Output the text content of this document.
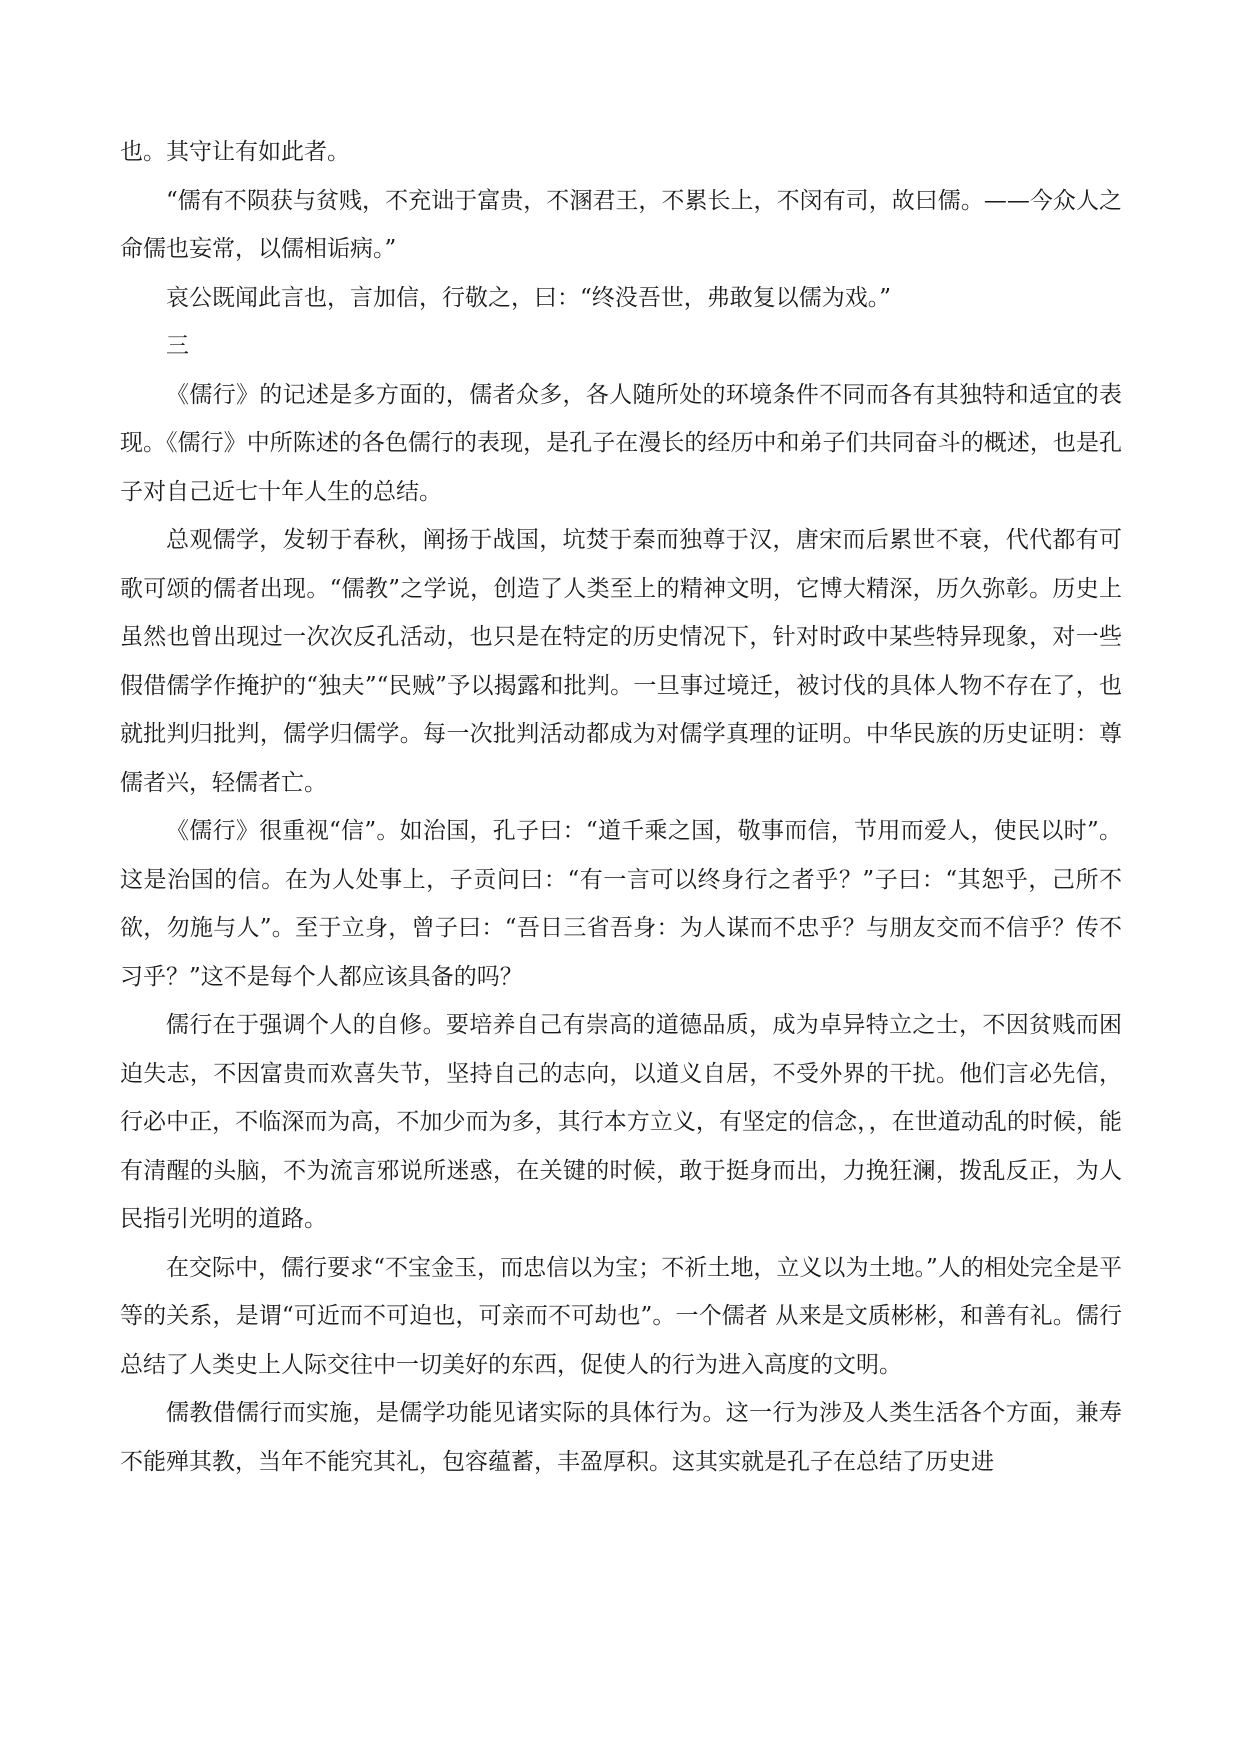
也。其守让有如此者。

“儒有不陨获与贫贱，不充诎于富贵，不溷君王，不累长上，不闵有司，故曰儒。——今众人之命儒也妄常，以儒相诟病。”

哀公既闻此言也，言加信，行敬之，曰：“终没吾世，弗敢复以儒为戏。”

三

《儒行》的记述是多方面的，儒者众多，各人随所处的环境条件不同而各有其独特和适宜的表现。《儒行》中所陈述的各色儒行的表现，是孔子在漫长的经历中和弟子们共同奋斗的概述，也是孔子对自己近七十年人生的总结。

总观儒学，发轫于春秋，阐扬于战国，坑焚于秦而独尊于汉，唐宋而后累世不衰，代代都有可歌可颂的儒者出现。“儒教”之学说，创造了人类至上的精神文明，它博大精深，历久弥彰。历史上虽然也曾出现过一次次反孔活动，也只是在特定的历史情况下，针对时政中某些特异现象，对一些假借儒学作掩护的“独夫”“民贼”予以揭露和批判。一旦事过境迁，被讨伐的具体人物不存在了，也就批判归批判，儒学归儒学。每一次批判活动都成为对儒学真理的证明。中华民族的历史证明：尊儒者兴，轻儒者亡。

《儒行》很重视“信”。如治国，孔子曰：“道千乘之国，敬事而信，节用而爱人，使民以时”。这是治国的信。在为人处事上，子贡问曰：“有一言可以终身行之者乎？”子曰：“其恕乎，己所不欲，勿施与人”。至于立身，曾子曰：“吾日三省吾身：为人谋而不忠乎？与朋友交而不信乎？传不习乎？”这不是每个人都应该具备的吗？

儒行在于强调个人的自修。要培养自己有崇高的道德品质，成为卓异特立之士，不因贫贱而困迫失志，不因富贵而欢喜失节，坚持自己的志向，以道义自居，不受外界的干扰。他们言必先信，行必中正，不临深而为高，不加少而为多，其行本方立义，有坚定的信念，，在世道动乱的时候，能有清醒的头脑，不为流言邪说所迷惑，在关键的时候，敢于挺身而出，力挽狂澜，拨乱反正，为人民指引光明的道路。

在交际中，儒行要求“不宝金玉，而忠信以为宝；不祈土地，立义以为土地。”人的相处完全是平等的关系，是谓“可近而不可迫也，可亲而不可劫也”。一个儒者 从来是文质彬彬，和善有礼。儒行总结了人类史上人际交往中一切美好的东西，促使人的行为进入高度的文明。

儒教借儒行而实施，是儒学功能见诸实际的具体行为。这一行为涉及人类生活各个方面，兼寿不能殚其教，当年不能究其礼，包容蕴蓄，丰盈厚积。这其实就是孔子在总结了历史进
